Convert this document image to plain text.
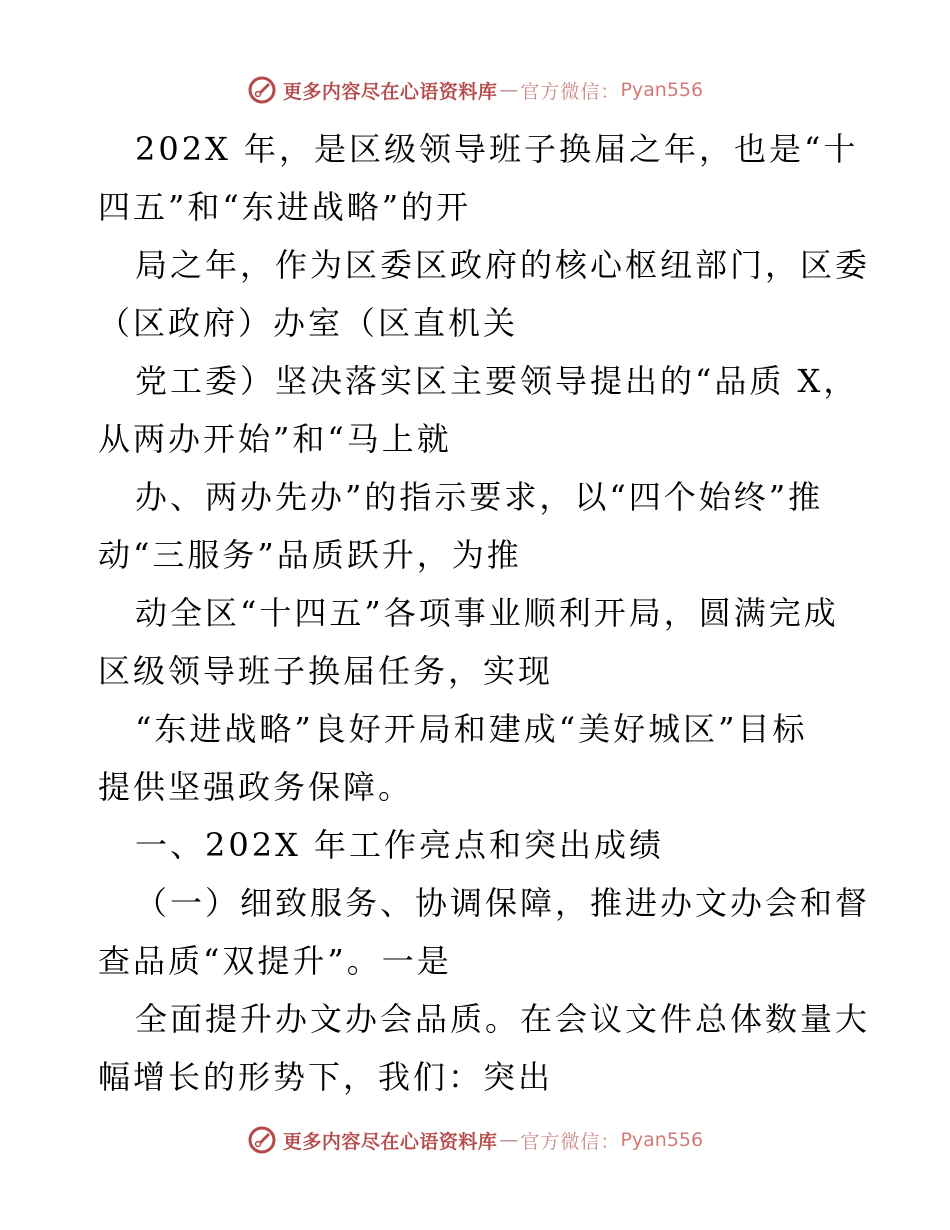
更多内容尽在心语资料库 — 官方微信： Pyan556
202X 年，是区级领导班子换届之年，也是“十
四五”和“东进战略”的开
局之年，作为区委区政府的核心枢纽部门，区委
（区政府）办室（区直机关
党工委）坚决落实区主要领导提出的“品质 X，
从两办开始”和“马上就
办、两办先办”的指示要求，以“四个始终”推
动“三服务”品质跃升，为推
动全区“十四五”各项事业顺利开局，圆满完成
区级领导班子换届任务，实现
“东进战略”良好开局和建成“美好城区”目标
提供坚强政务保障。
一、202X 年工作亮点和突出成绩
（一）细致服务、协调保障，推进办文办会和督
查品质“双提升”。一是
全面提升办文办会品质。在会议文件总体数量大
幅增长的形势下，我们：突出
更多内容尽在心语资料库 — 官方微信： Pyan556
